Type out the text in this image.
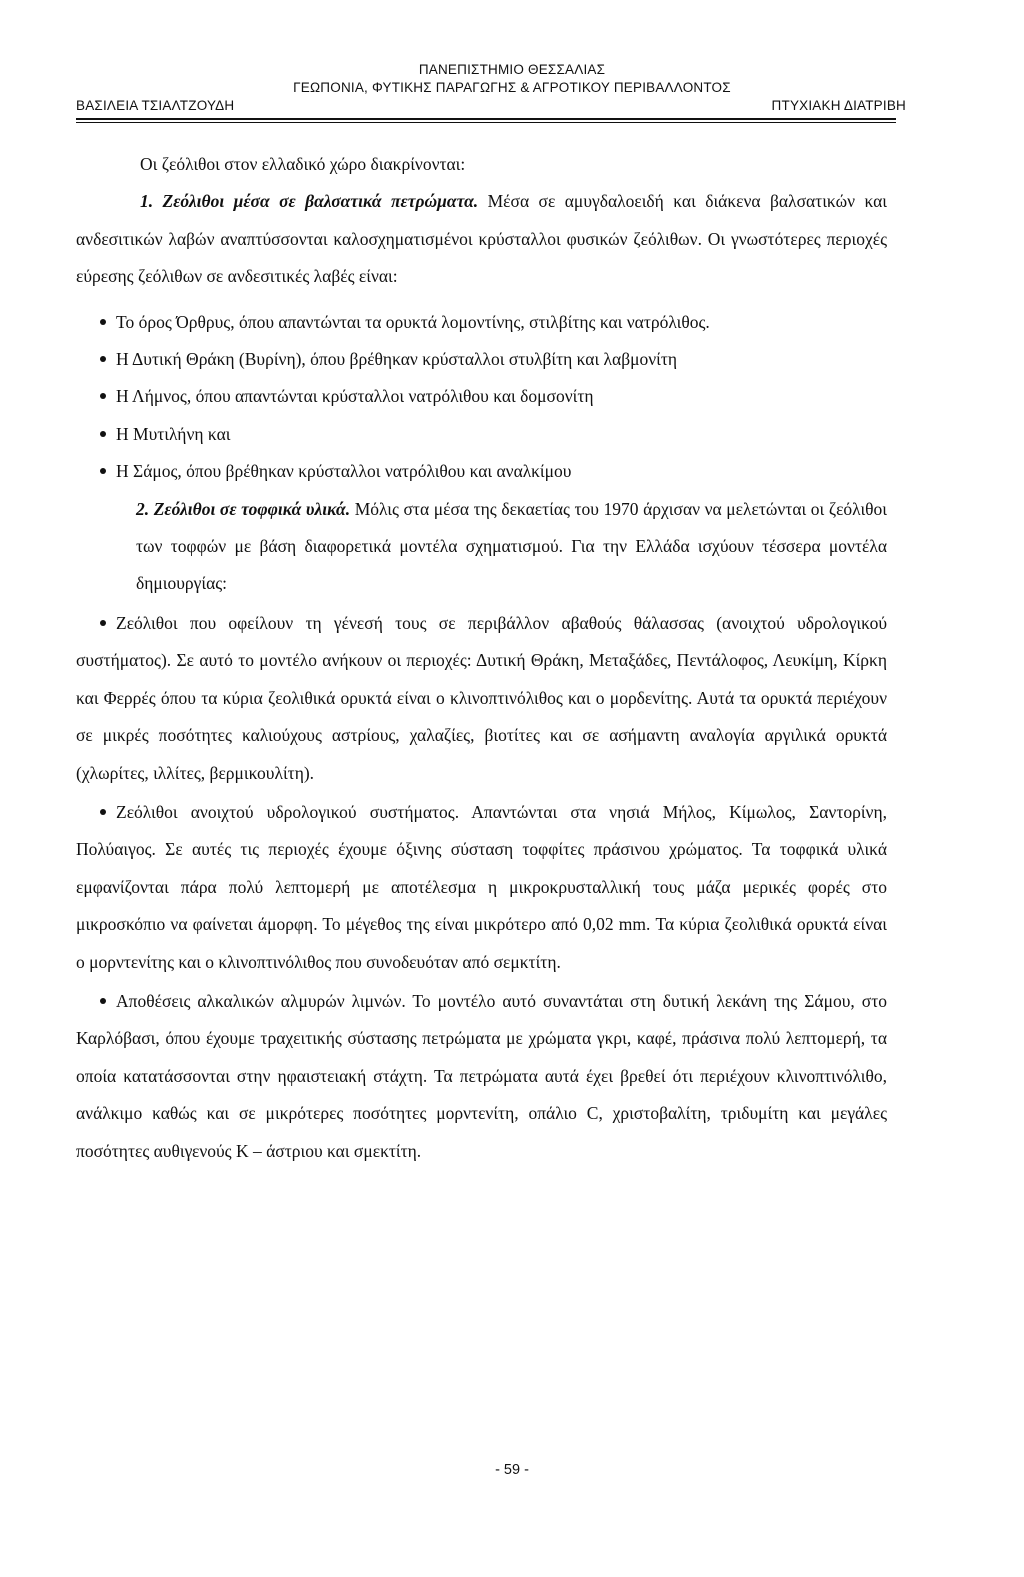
ΠΑΝΕΠΙΣΤΗΜΙΟ ΘΕΣΣΑΛΙΑΣ
ΓΕΩΠΟΝΙΑ, ΦΥΤΙΚΗΣ ΠΑΡΑΓΩΓΗΣ & ΑΓΡΟΤΙΚΟΥ ΠΕΡΙΒΑΛΛΟΝΤΟΣ
ΒΑΣΙΛΕΙΑ ΤΣΙΑΛΤΖΟΥΔΗ	ΠΤΥΧΙΑΚΗ ΔΙΑΤΡΙΒΗ

Οι ζεόλιθοι στον ελλαδικό χώρο διακρίνονται:

1. Ζεόλιθοι μέσα σε βαλσατικά πετρώματα. Μέσα σε αμυγδαλοειδή και διάκενα βαλσατικών και ανδεσιτικών λαβών αναπτύσσονται καλοσχηματισμένοι κρύσταλλοι φυσικών ζεόλιθων. Οι γνωστότερες περιοχές εύρεσης ζεόλιθων σε ανδεσιτικές λαβές είναι:

Το όρος Όρθρυς, όπου απαντώνται τα ορυκτά λομοντίνης, στιλβίτης και νατρόλιθος.

Η Δυτική Θράκη (Βυρίνη), όπου βρέθηκαν κρύσταλλοι στυλβίτη και λαβμονίτη

Η Λήμνος, όπου απαντώνται κρύσταλλοι νατρόλιθου και δομσονίτη

Η Μυτιλήνη και

Η Σάμος, όπου βρέθηκαν κρύσταλλοι νατρόλιθου και αναλκίμου

2. Ζεόλιθοι σε τοφφικά υλικά. Μόλις στα μέσα της δεκαετίας του 1970 άρχισαν να μελετώνται οι ζεόλιθοι των τοφφών με βάση διαφορετικά μοντέλα σχηματισμού. Για την Ελλάδα ισχύουν τέσσερα μοντέλα δημιουργίας:

Ζεόλιθοι που οφείλουν τη γένεσή τους σε περιβάλλον αβαθούς θάλασσας (ανοιχτού υδρολογικού συστήματος). Σε αυτό το μοντέλο ανήκουν οι περιοχές: Δυτική Θράκη, Μεταξάδες, Πεντάλοφος, Λευκίμη, Κίρκη και Φερρές όπου τα κύρια ζεολιθικά ορυκτά είναι ο κλινοπτινόλιθος και ο μορδενίτης. Αυτά τα ορυκτά περιέχουν σε μικρές ποσότητες καλιούχους αστρίους, χαλαζίες, βιοτίτες και σε ασήμαντη αναλογία αργιλικά ορυκτά (χλωρίτες, ιλλίτες, βερμικουλίτη).

Ζεόλιθοι ανοιχτού υδρολογικού συστήματος. Απαντώνται στα νησιά Μήλος, Κίμωλος, Σαντορίνη, Πολύαιγος. Σε αυτές τις περιοχές έχουμε όξινης σύσταση τοφφίτες πράσινου χρώματος. Τα τοφφικά υλικά εμφανίζονται πάρα πολύ λεπτομερή με αποτέλεσμα η μικροκρυσταλλική τους μάζα μερικές φορές στο μικροσκόπιο να φαίνεται άμορφη. Το μέγεθος της είναι μικρότερο από 0,02 mm. Τα κύρια ζεολιθικά ορυκτά είναι ο μορντενίτης και ο κλινοπτινόλιθος που συνοδευόταν από σεμκτίτη.

Αποθέσεις αλκαλικών αλμυρών λιμνών. Το μοντέλο αυτό συναντάται στη δυτική λεκάνη της Σάμου, στο Καρλόβασι, όπου έχουμε τραχειτικής σύστασης πετρώματα με χρώματα γκρι, καφέ, πράσινα πολύ λεπτομερή, τα οποία κατατάσσονται στην ηφαιστειακή στάχτη. Τα πετρώματα αυτά έχει βρεθεί ότι περιέχουν κλινοπτινόλιθο, ανάλκιμο καθώς και σε μικρότερες ποσότητες μορντενίτη, οπάλιο C, χριστοβαλίτη, τριδυμίτη και μεγάλες ποσότητες αυθιγενούς Κ – άστριου και σμεκτίτη.

- 59 -
